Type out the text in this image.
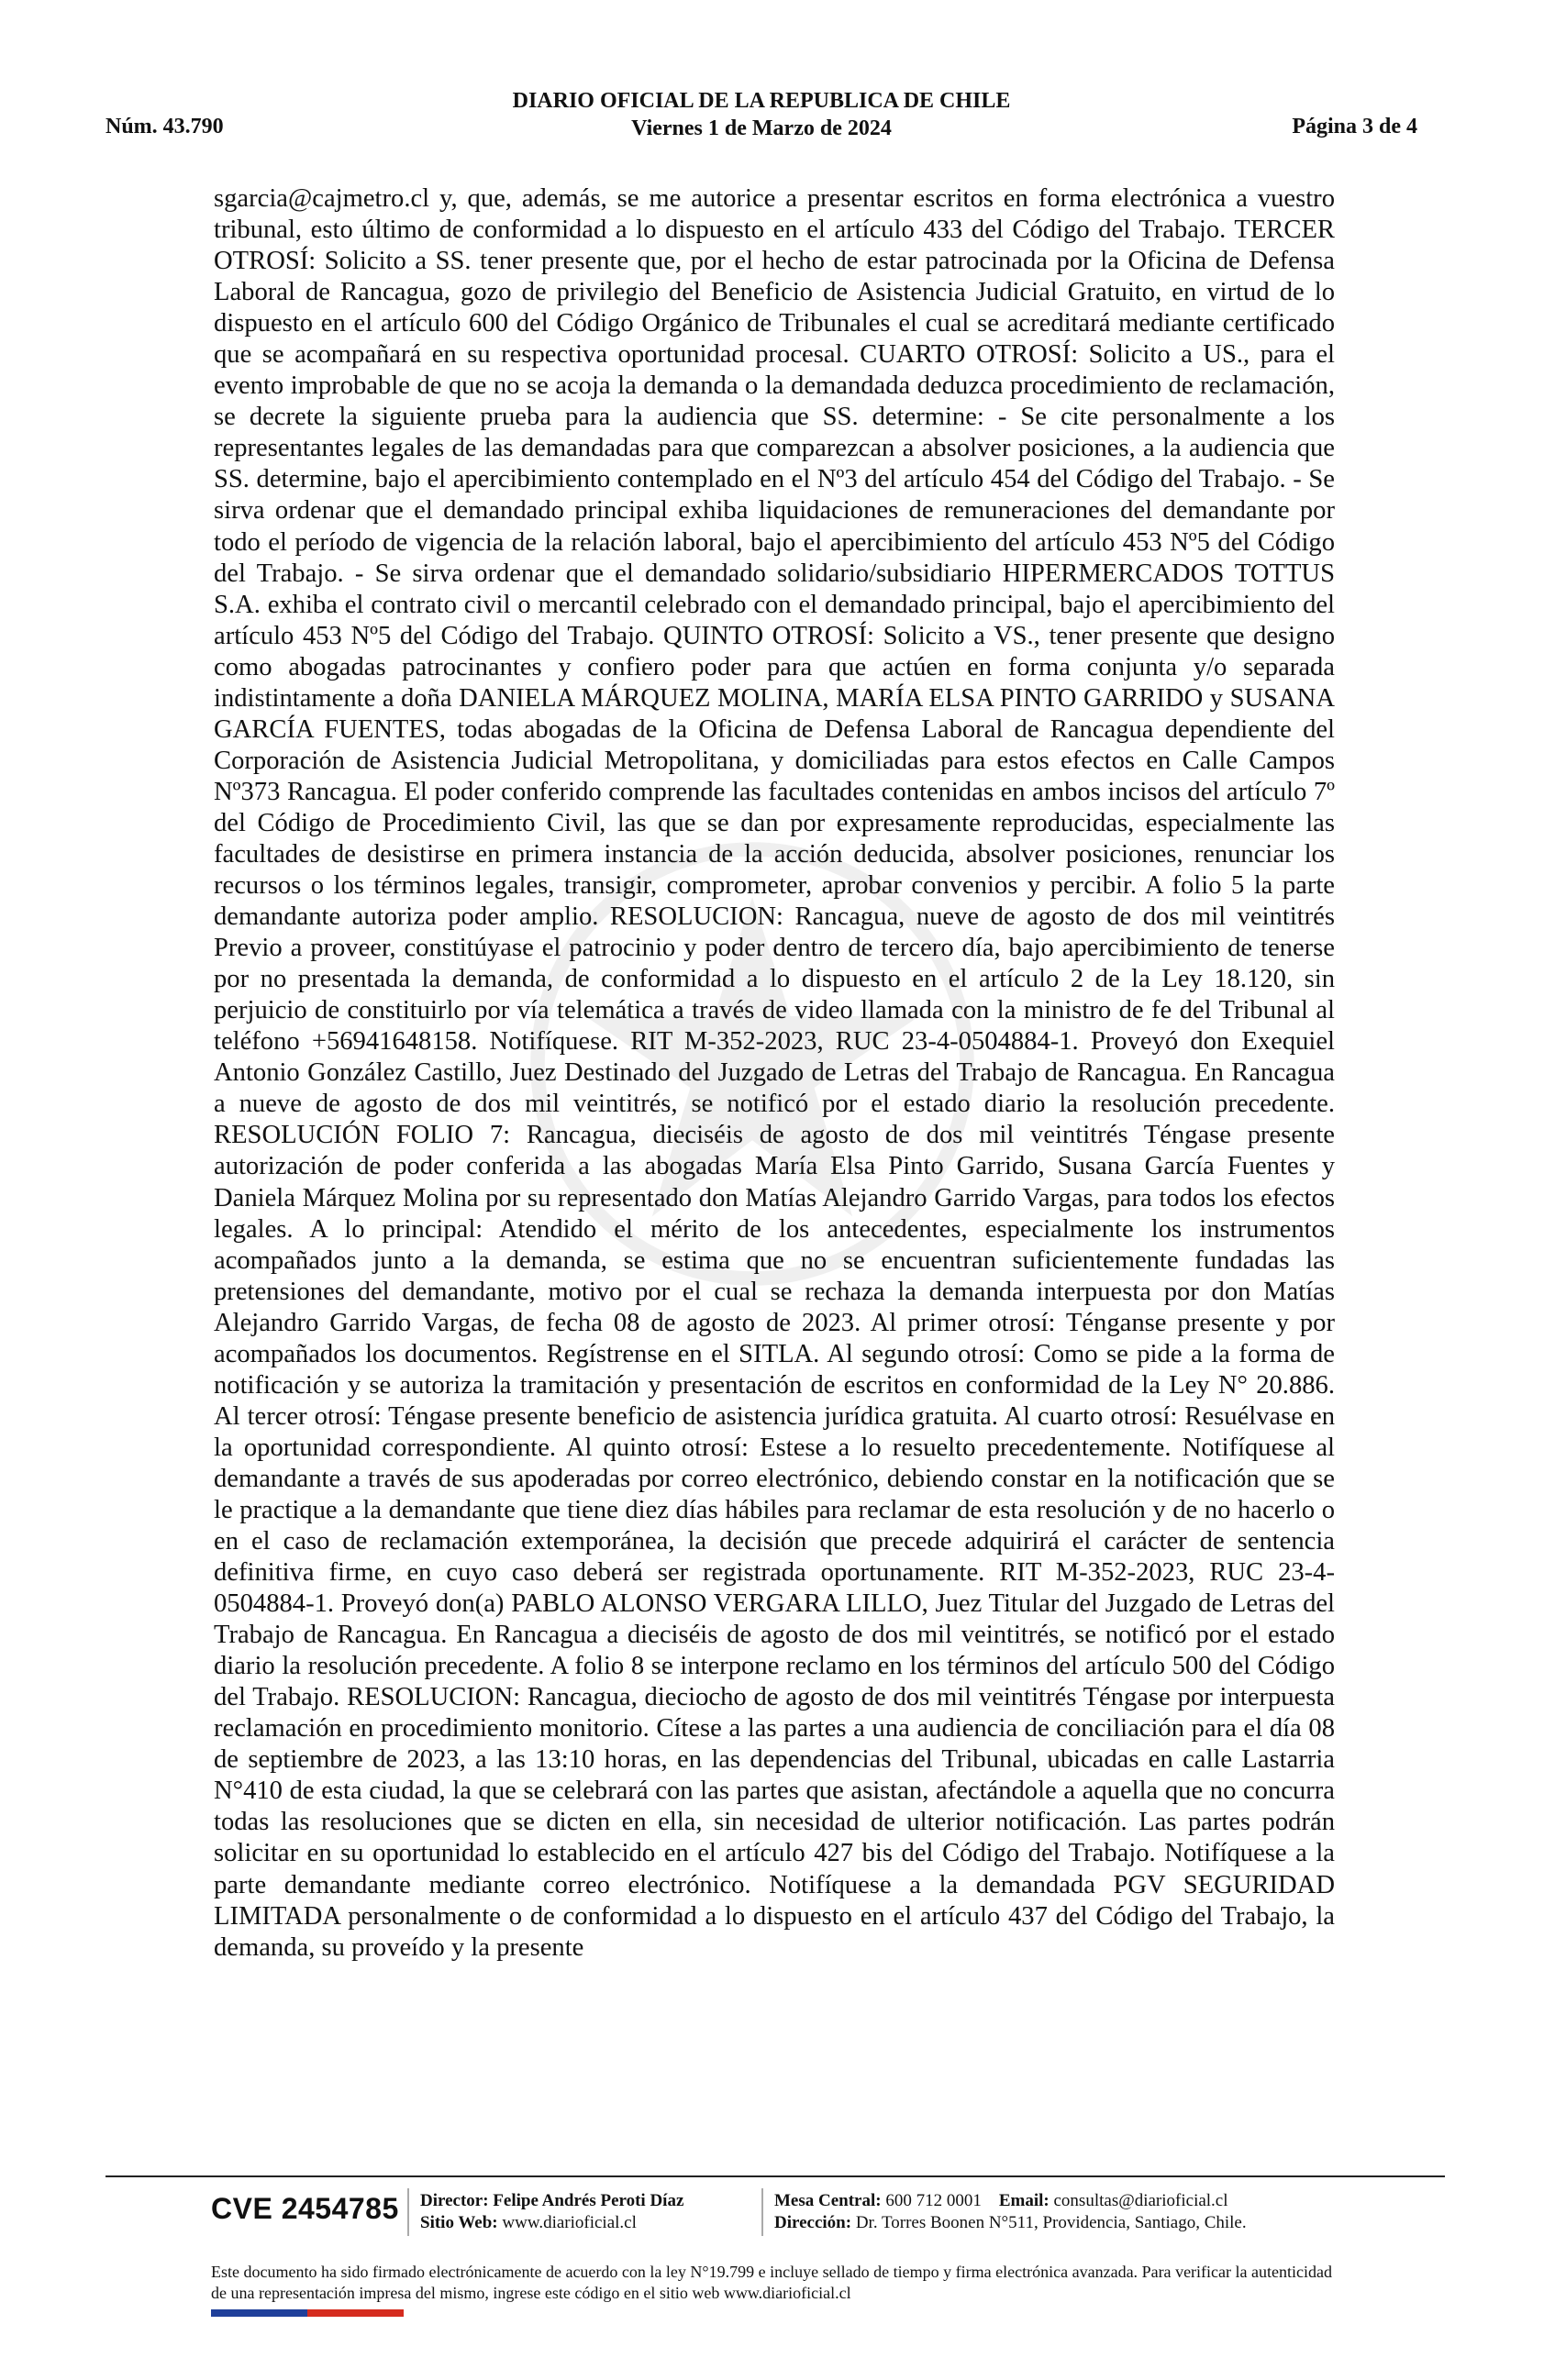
DIARIO OFICIAL DE LA REPUBLICA DE CHILE
Viernes 1 de Marzo de 2024
Núm. 43.790	Página 3 de 4
sgarcia@cajmetro.cl y, que, además, se me autorice a presentar escritos en forma electrónica a vuestro tribunal, esto último de conformidad a lo dispuesto en el artículo 433 del Código del Trabajo. TERCER OTROSÍ: Solicito a SS. tener presente que, por el hecho de estar patrocinada por la Oficina de Defensa Laboral de Rancagua, gozo de privilegio del Beneficio de Asistencia Judicial Gratuito, en virtud de lo dispuesto en el artículo 600 del Código Orgánico de Tribunales el cual se acreditará mediante certificado que se acompañará en su respectiva oportunidad procesal. CUARTO OTROSÍ: Solicito a US., para el evento improbable de que no se acoja la demanda o la demandada deduzca procedimiento de reclamación, se decrete la siguiente prueba para la audiencia que SS. determine: - Se cite personalmente a los representantes legales de las demandadas para que comparezcan a absolver posiciones, a la audiencia que SS. determine, bajo el apercibimiento contemplado en el Nº3 del artículo 454 del Código del Trabajo. - Se sirva ordenar que el demandado principal exhiba liquidaciones de remuneraciones del demandante por todo el período de vigencia de la relación laboral, bajo el apercibimiento del artículo 453 Nº5 del Código del Trabajo. - Se sirva ordenar que el demandado solidario/subsidiario HIPERMERCADOS TOTTUS S.A. exhiba el contrato civil o mercantil celebrado con el demandado principal, bajo el apercibimiento del artículo 453 Nº5 del Código del Trabajo. QUINTO OTROSÍ: Solicito a VS., tener presente que designo como abogadas patrocinantes y confiero poder para que actúen en forma conjunta y/o separada indistintamente a doña DANIELA MÁRQUEZ MOLINA, MARÍA ELSA PINTO GARRIDO y SUSANA GARCÍA FUENTES, todas abogadas de la Oficina de Defensa Laboral de Rancagua dependiente del Corporación de Asistencia Judicial Metropolitana, y domiciliadas para estos efectos en Calle Campos Nº373 Rancagua. El poder conferido comprende las facultades contenidas en ambos incisos del artículo 7º del Código de Procedimiento Civil, las que se dan por expresamente reproducidas, especialmente las facultades de desistirse en primera instancia de la acción deducida, absolver posiciones, renunciar los recursos o los términos legales, transigir, comprometer, aprobar convenios y percibir. A folio 5 la parte demandante autoriza poder amplio. RESOLUCION: Rancagua, nueve de agosto de dos mil veintitrés Previo a proveer, constitúyase el patrocinio y poder dentro de tercero día, bajo apercibimiento de tenerse por no presentada la demanda, de conformidad a lo dispuesto en el artículo 2 de la Ley 18.120, sin perjuicio de constituirlo por vía telemática a través de video llamada con la ministro de fe del Tribunal al teléfono +56941648158. Notifíquese. RIT M-352-2023, RUC 23-4-0504884-1. Proveyó don Exequiel Antonio González Castillo, Juez Destinado del Juzgado de Letras del Trabajo de Rancagua. En Rancagua a nueve de agosto de dos mil veintitrés, se notificó por el estado diario la resolución precedente. RESOLUCIÓN FOLIO 7: Rancagua, dieciséis de agosto de dos mil veintitrés Téngase presente autorización de poder conferida a las abogadas María Elsa Pinto Garrido, Susana García Fuentes y Daniela Márquez Molina por su representado don Matías Alejandro Garrido Vargas, para todos los efectos legales. A lo principal: Atendido el mérito de los antecedentes, especialmente los instrumentos acompañados junto a la demanda, se estima que no se encuentran suficientemente fundadas las pretensiones del demandante, motivo por el cual se rechaza la demanda interpuesta por don Matías Alejandro Garrido Vargas, de fecha 08 de agosto de 2023. Al primer otrosí: Ténganse presente y por acompañados los documentos. Regístrense en el SITLA. Al segundo otrosí: Como se pide a la forma de notificación y se autoriza la tramitación y presentación de escritos en conformidad de la Ley N° 20.886. Al tercer otrosí: Téngase presente beneficio de asistencia jurídica gratuita. Al cuarto otrosí: Resuélvase en la oportunidad correspondiente. Al quinto otrosí: Estese a lo resuelto precedentemente. Notifíquese al demandante a través de sus apoderadas por correo electrónico, debiendo constar en la notificación que se le practique a la demandante que tiene diez días hábiles para reclamar de esta resolución y de no hacerlo o en el caso de reclamación extemporánea, la decisión que precede adquirirá el carácter de sentencia definitiva firme, en cuyo caso deberá ser registrada oportunamente. RIT M-352-2023, RUC 23-4-0504884-1. Proveyó don(a) PABLO ALONSO VERGARA LILLO, Juez Titular del Juzgado de Letras del Trabajo de Rancagua. En Rancagua a dieciséis de agosto de dos mil veintitrés, se notificó por el estado diario la resolución precedente. A folio 8 se interpone reclamo en los términos del artículo 500 del Código del Trabajo. RESOLUCION: Rancagua, dieciocho de agosto de dos mil veintitrés Téngase por interpuesta reclamación en procedimiento monitorio. Cítese a las partes a una audiencia de conciliación para el día 08 de septiembre de 2023, a las 13:10 horas, en las dependencias del Tribunal, ubicadas en calle Lastarria N°410 de esta ciudad, la que se celebrará con las partes que asistan, afectándole a aquella que no concurra todas las resoluciones que se dicten en ella, sin necesidad de ulterior notificación. Las partes podrán solicitar en su oportunidad lo establecido en el artículo 427 bis del Código del Trabajo. Notifíquese a la parte demandante mediante correo electrónico. Notifíquese a la demandada PGV SEGURIDAD LIMITADA personalmente o de conformidad a lo dispuesto en el artículo 437 del Código del Trabajo, la demanda, su proveído y la presente
CVE 2454785 Director: Felipe Andrés Peroti Díaz
Sitio Web: www.diarioficial.cl
Mesa Central: 600 712 0001 Email: consultas@diarioficial.cl
Dirección: Dr. Torres Boonen N°511, Providencia, Santiago, Chile.
Este documento ha sido firmado electrónicamente de acuerdo con la ley N°19.799 e incluye sellado de tiempo y firma electrónica avanzada. Para verificar la autenticidad de una representación impresa del mismo, ingrese este código en el sitio web www.diarioficial.cl
